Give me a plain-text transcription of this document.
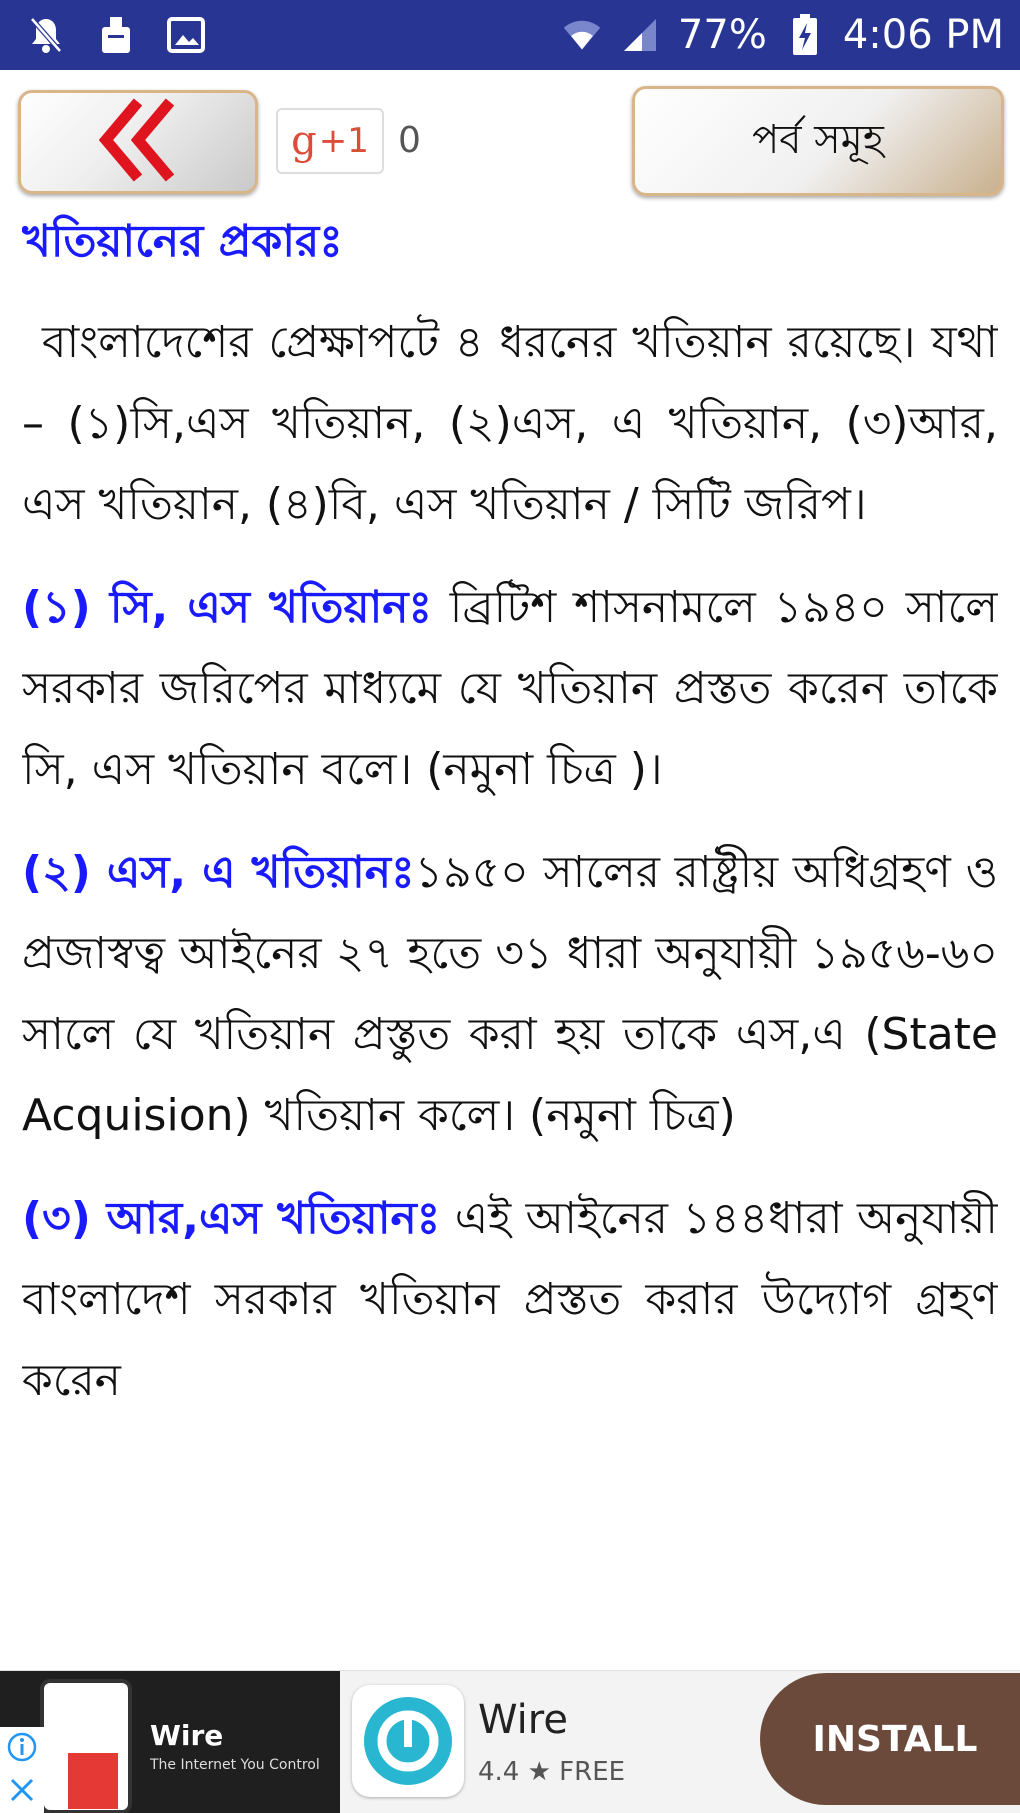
77% 4:06 PM
g +1 0	পর্ব সমূহ
খতিয়ানের প্রকারঃ

বাংলাদেশের প্রেক্ষাপটে ৪ ধরনের খতিয়ান রয়েছে। যথা – (১)সি,এস খতিয়ান, (২)এস, এ খতিয়ান, (৩)আর, এস খতিয়ান, (৪)বি, এস খতিয়ান / সিটি জরিপ।

(১) সি, এস খতিয়ানঃ ব্রিটিশ শাসনামলে ১৯৪০ সালে সরকার জরিপের মাধ্যমে যে খতিয়ান প্রস্তত করেন তাকে সি, এস খতিয়ান বলে। (নমুনা চিত্র )।

(২) এস, এ খতিয়ানঃ১৯৫০ সালের রাষ্ট্রীয় অধিগ্রহণ ও প্রজাস্বত্ব আইনের ২৭ হতে ৩১ ধারা অনুযায়ী ১৯৫৬-৬০ সালে যে খতিয়ান প্রস্তুত করা হয় তাকে এস,এ (State Acquision) খতিয়ান কলে। (নমুনা চিত্র)

(৩) আর,এস খতিয়ানঃ এই আইনের ১৪৪ধারা অনুযায়ী বাংলাদেশ সরকার খতিয়ান প্রস্তত করার উদ্যোগ গ্রহণ করেন

Wire
The Internet You Control
Wire
4.4 ★ FREE
INSTALL
